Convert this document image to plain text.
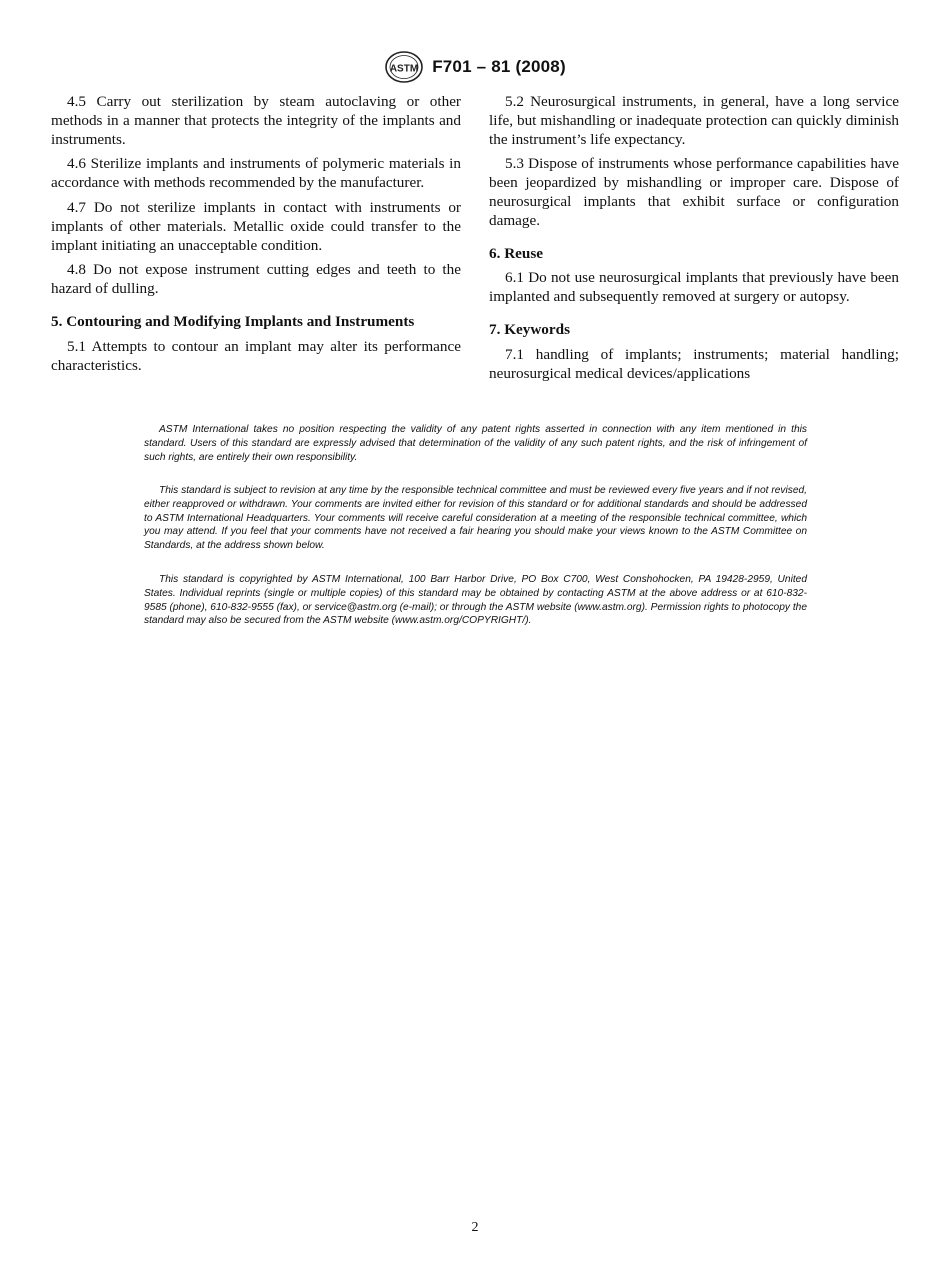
ASTM F701 – 81 (2008)

4.5 Carry out sterilization by steam autoclaving or other methods in a manner that protects the integrity of the implants and instruments.

4.6 Sterilize implants and instruments of polymeric materials in accordance with methods recommended by the manufacturer.

4.7 Do not sterilize implants in contact with instruments or implants of other materials. Metallic oxide could transfer to the implant initiating an unacceptable condition.

4.8 Do not expose instrument cutting edges and teeth to the hazard of dulling.

5. Contouring and Modifying Implants and Instruments

5.1 Attempts to contour an implant may alter its performance characteristics.

5.2 Neurosurgical instruments, in general, have a long service life, but mishandling or inadequate protection can quickly diminish the instrument’s life expectancy.

5.3 Dispose of instruments whose performance capabilities have been jeopardized by mishandling or improper care. Dispose of neurosurgical implants that exhibit surface or configuration damage.

6. Reuse

6.1 Do not use neurosurgical implants that previously have been implanted and subsequently removed at surgery or autopsy.

7. Keywords

7.1 handling of implants; instruments; material handling; neurosurgical medical devices/applications

ASTM International takes no position respecting the validity of any patent rights asserted in connection with any item mentioned in this standard. Users of this standard are expressly advised that determination of the validity of any such patent rights, and the risk of infringement of such rights, are entirely their own responsibility.

This standard is subject to revision at any time by the responsible technical committee and must be reviewed every five years and if not revised, either reapproved or withdrawn. Your comments are invited either for revision of this standard or for additional standards and should be addressed to ASTM International Headquarters. Your comments will receive careful consideration at a meeting of the responsible technical committee, which you may attend. If you feel that your comments have not received a fair hearing you should make your views known to the ASTM Committee on Standards, at the address shown below.

This standard is copyrighted by ASTM International, 100 Barr Harbor Drive, PO Box C700, West Conshohocken, PA 19428-2959, United States. Individual reprints (single or multiple copies) of this standard may be obtained by contacting ASTM at the above address or at 610-832-9585 (phone), 610-832-9555 (fax), or service@astm.org (e-mail); or through the ASTM website (www.astm.org). Permission rights to photocopy the standard may also be secured from the ASTM website (www.astm.org/COPYRIGHT/).

2
